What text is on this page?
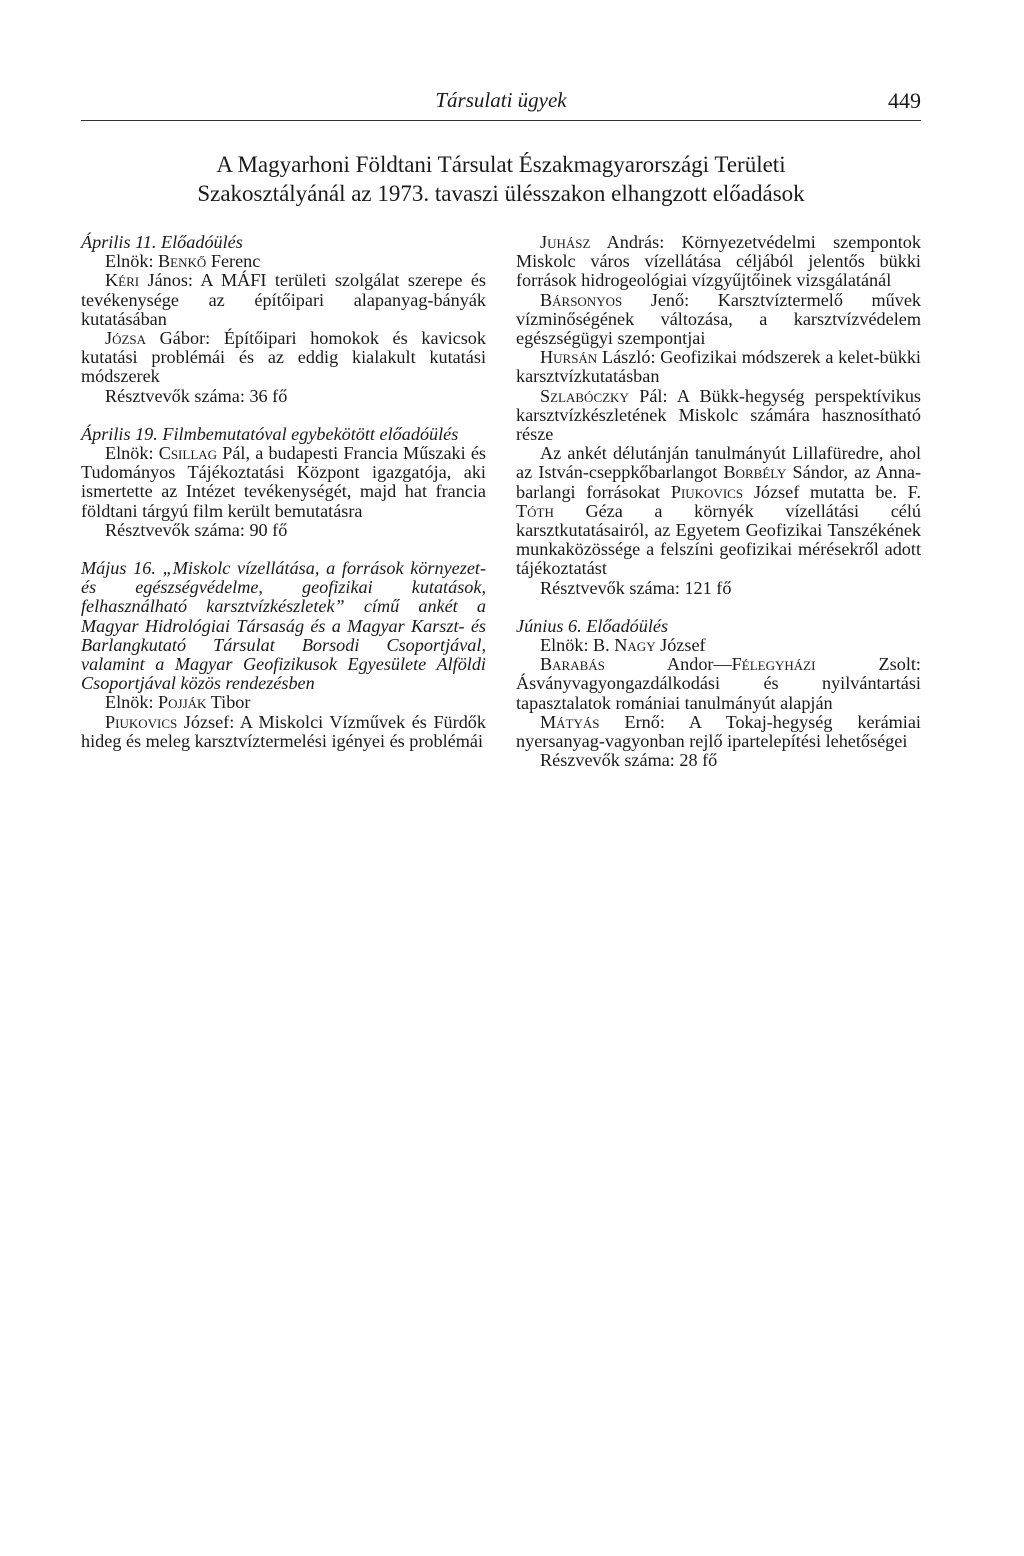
Társulati ügyek	449
A Magyarhoni Földtani Társulat Északmagyarországi Területi
Szakosztályánál az 1973. tavaszi ülésszakon elhangzott előadások

Április 11. Előadóülés

Elnök: Benkő Ferenc

Kéri János: A MÁFI területi szolgálat szerepe és tevékenysége az építőipari alapanyag-bányák kutatásában

Józsa Gábor: Építőipari homokok és kavicsok kutatási problémái és az eddig kialakult kutatási módszerek

Résztvevők száma: 36 fő

Április 19. Filmbemutatóval egybekötött előadóülés

Elnök: Csillag Pál, a budapesti Francia Műszaki és Tudományos Tájékoztatási Központ igazgatója, aki ismertette az Intézet tevékenységét, majd hat francia földtani tárgyú film került bemutatásra

Résztvevők száma: 90 fő

Május 16. „Miskolc vízellátása, a források környezet- és egészségvédelme, geofizikai kutatások, felhasználható karsztvízkészletek” című ankét a Magyar Hidrológiai Társaság és a Magyar Karszt- és Barlangkutató Társulat Borsodi Csoportjával, valamint a Magyar Geofizikusok Egyesülete Alföldi Csoportjával közös rendezésben

Elnök: Pojják Tibor

Piukovics József: A Miskolci Vízművek és Fürdők hideg és meleg karsztvíztermelési igényei és problémái

Juhász András: Környezetvédelmi szempontok Miskolc város vízellátása céljából jelentős bükki források hidrogeológiai vízgyűjtőinek vizsgálatánál

Bársonyos Jenő: Karsztvíztermelő művek vízminőségének változása, a karsztvízvédelem egészségügyi szempontjai

Hursán László: Geofizikai módszerek a kelet-bükki karsztvízkutatásban

Szlabóczky Pál: A Bükk-hegység perspektívikus karsztvízkészletének Miskolc számára hasznosítható része

Az ankét délutánján tanulmányút Lillafüredre, ahol az István-cseppkőbarlangot Borbély Sándor, az Anna-barlangi forrásokat Piukovics József mutatta be. F. Tóth Géza a környék vízellátási célú karsztkutatásairól, az Egyetem Geofizikai Tanszékének munkaközössége a felszíni geofizikai mérésekről adott tájékoztatást

Résztvevők száma: 121 fő

Június 6. Előadóülés

Elnök: B. Nagy József

Barabás Andor—Félegyházi Zsolt: Ásványvagyongazdálkodási és nyilvántartási tapasztalatok romániai tanulmányút alapján

Mátyás Ernő: A Tokaj-hegység kerámiai nyersanyag-vagyonban rejlő ipartelepítési lehetőségei

Részvevők száma: 28 fő
